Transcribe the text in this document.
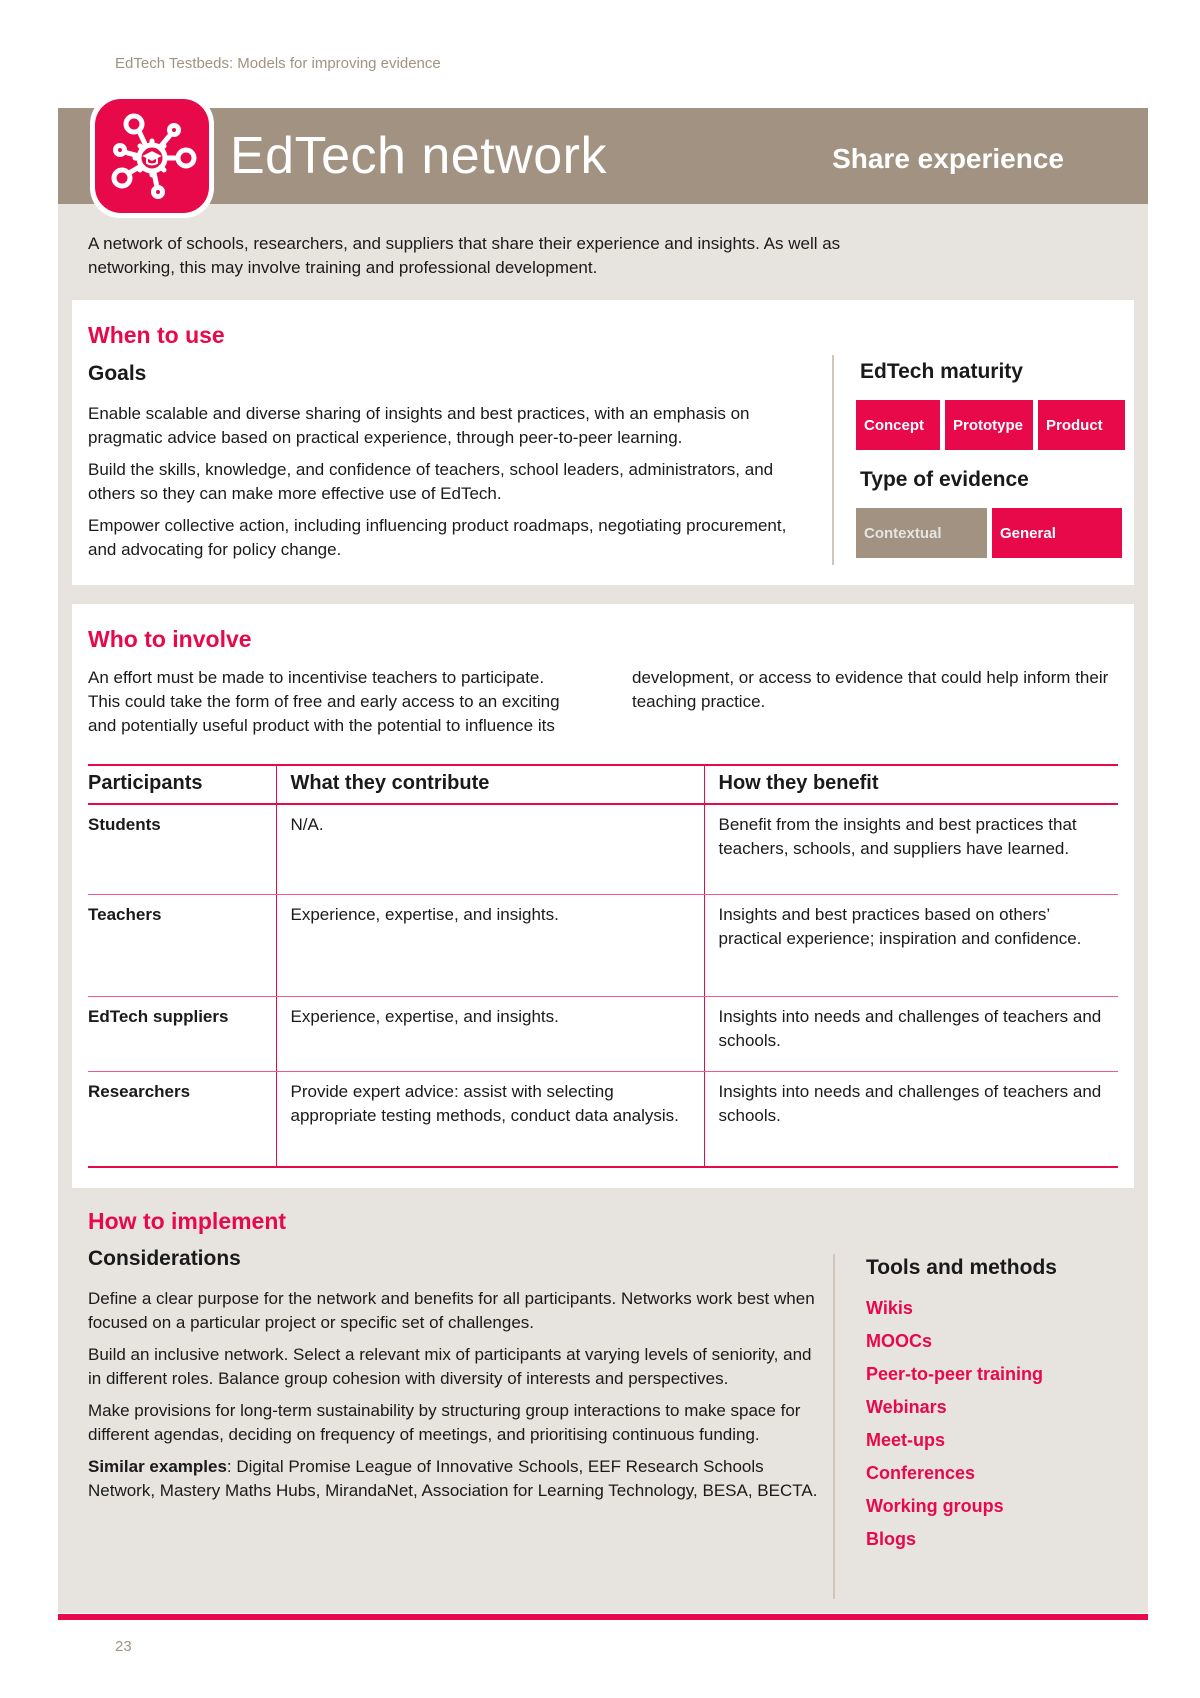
EdTech Testbeds: Models for improving evidence
EdTech network	Share experience

A network of schools, researchers, and suppliers that share their experience and insights. As well as networking, this may involve training and professional development.

When to use
Goals

Enable scalable and diverse sharing of insights and best practices, with an emphasis on pragmatic advice based on practical experience, through peer-to-peer learning.

Build the skills, knowledge, and confidence of teachers, school leaders, administrators, and others so they can make more effective use of EdTech.

Empower collective action, including influencing product roadmaps, negotiating procurement, and advocating for policy change.

EdTech maturity
Concept	Prototype	Product
Type of evidence
Contextual	General
Who to involve

An effort must be made to incentivise teachers to participate. This could take the form of free and early access to an exciting and potentially useful product with the potential to influence its development, or access to evidence that could help inform their teaching practice.

Participants	What they contribute	How they benefit
Students	N/A.	Benefit from the insights and best practices that teachers, schools, and suppliers have learned.
Teachers	Experience, expertise, and insights.	Insights and best practices based on others’ practical experience; inspiration and confidence.
EdTech suppliers	Experience, expertise, and insights.	Insights into needs and challenges of teachers and schools.
Researchers	Provide expert advice: assist with selecting appropriate testing methods, conduct data analysis.	Insights into needs and challenges of teachers and schools.
How to implement
Considerations

Define a clear purpose for the network and benefits for all participants. Networks work best when focused on a particular project or specific set of challenges.

Build an inclusive network. Select a relevant mix of participants at varying levels of seniority, and in different roles. Balance group cohesion with diversity of interests and perspectives.

Make provisions for long-term sustainability by structuring group interactions to make space for different agendas, deciding on frequency of meetings, and prioritising continuous funding.

Similar examples: Digital Promise League of Innovative Schools, EEF Research Schools Network, Mastery Maths Hubs, MirandaNet, Association for Learning Technology, BESA, BECTA.

Tools and methods
Wikis
MOOCs
Peer-to-peer training
Webinars
Meet-ups
Conferences
Working groups
Blogs
23
